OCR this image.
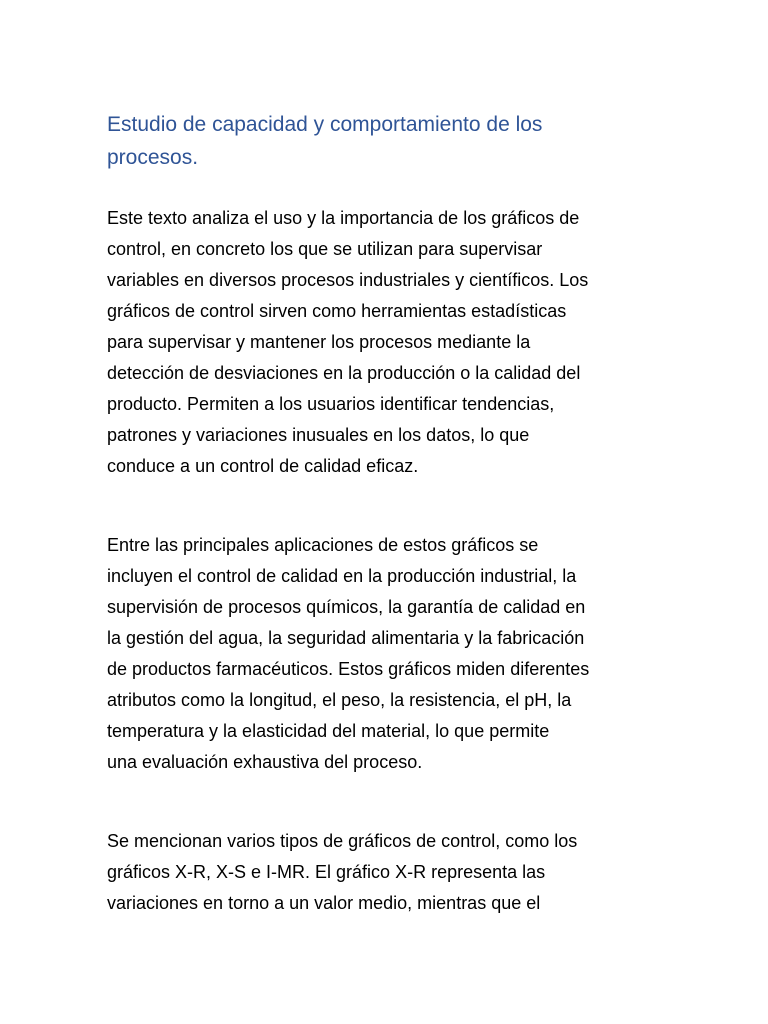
Estudio de capacidad y comportamiento de los
procesos.

Este texto analiza el uso y la importancia de los gráficos de
control, en concreto los que se utilizan para supervisar
variables en diversos procesos industriales y científicos. Los
gráficos de control sirven como herramientas estadísticas
para supervisar y mantener los procesos mediante la
detección de desviaciones en la producción o la calidad del
producto. Permiten a los usuarios identificar tendencias,
patrones y variaciones inusuales en los datos, lo que
conduce a un control de calidad eficaz.

Entre las principales aplicaciones de estos gráficos se
incluyen el control de calidad en la producción industrial, la
supervisión de procesos químicos, la garantía de calidad en
la gestión del agua, la seguridad alimentaria y la fabricación
de productos farmacéuticos. Estos gráficos miden diferentes
atributos como la longitud, el peso, la resistencia, el pH, la
temperatura y la elasticidad del material, lo que permite
una evaluación exhaustiva del proceso.

Se mencionan varios tipos de gráficos de control, como los
gráficos X-R, X-S e I-MR. El gráfico X-R representa las
variaciones en torno a un valor medio, mientras que el
